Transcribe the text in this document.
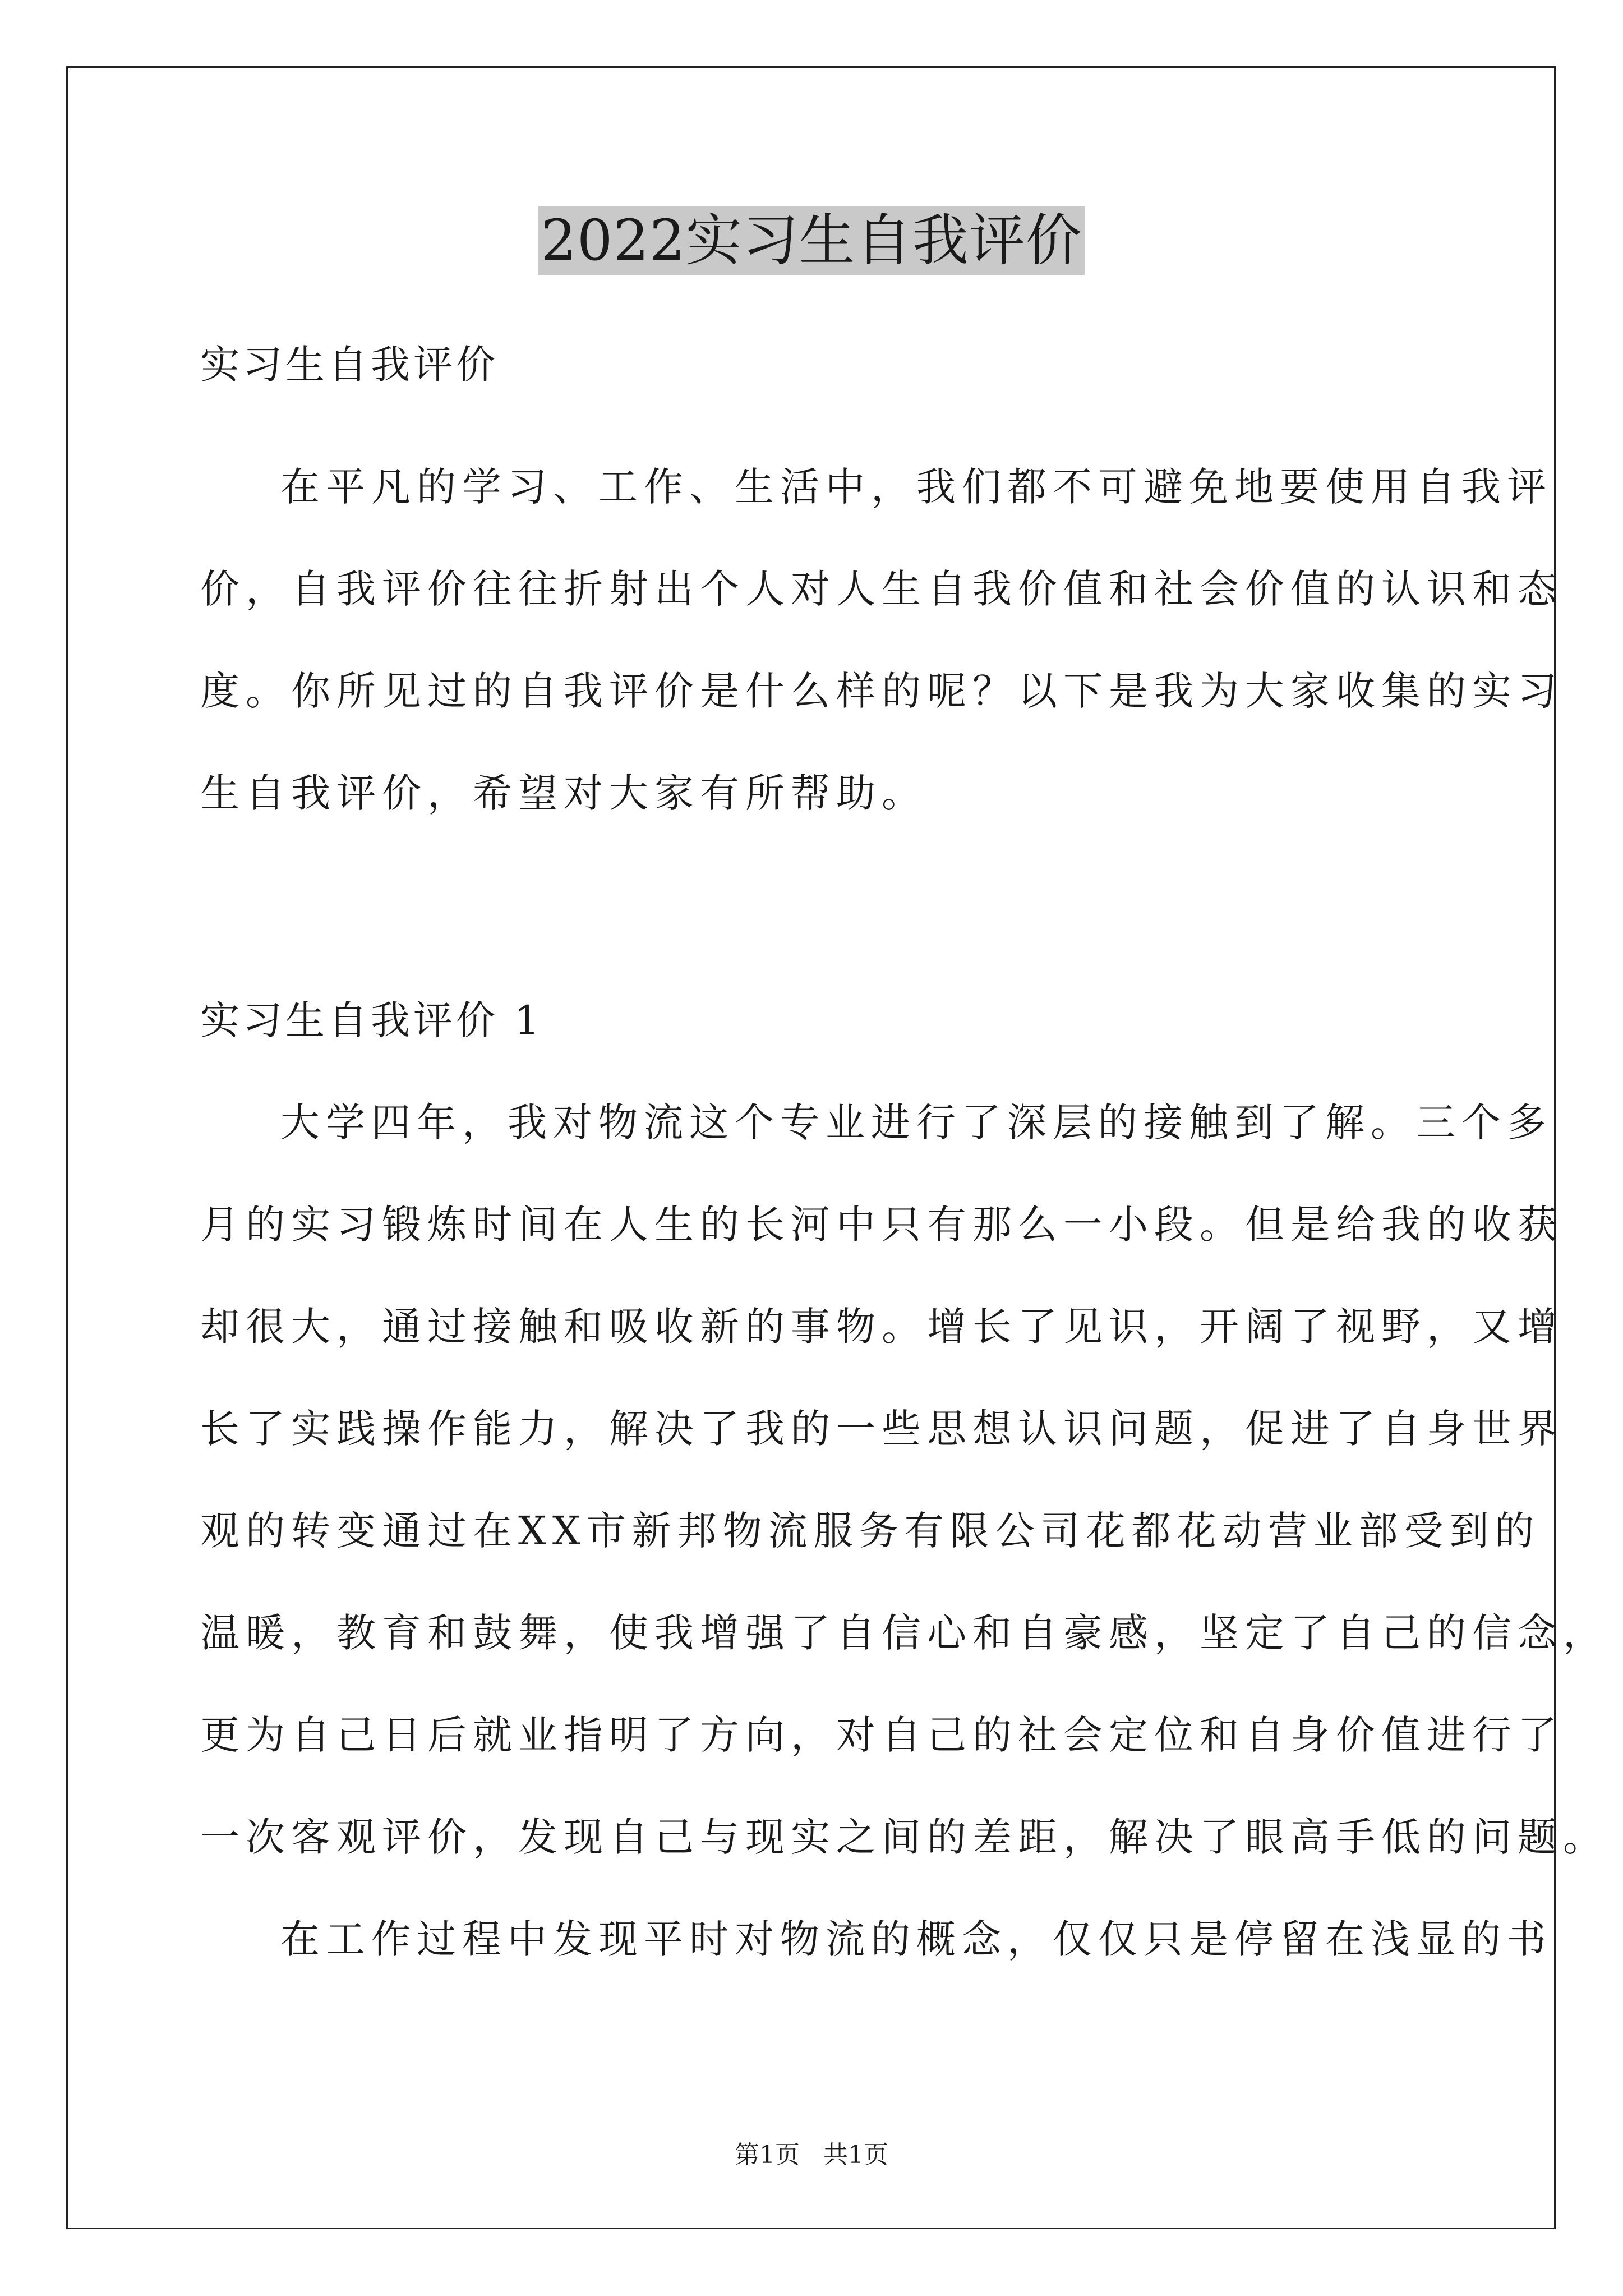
2022实习生自我评价
实习生自我评价
在平凡的学习、工作、生活中，我们都不可避免地要使用自我评
价，自我评价往往折射出个人对人生自我价值和社会价值的认识和态
度。你所见过的自我评价是什么样的呢？以下是我为大家收集的实习
生自我评价，希望对大家有所帮助。
实习生自我评价 1
大学四年，我对物流这个专业进行了深层的接触到了解。三个多
月的实习锻炼时间在人生的长河中只有那么一小段。但是给我的收获
却很大，通过接触和吸收新的事物。增长了见识，开阔了视野，又增
长了实践操作能力，解决了我的一些思想认识问题，促进了自身世界
观的转变通过在XX市新邦物流服务有限公司花都花动营业部受到的
温暖，教育和鼓舞，使我增强了自信心和自豪感，坚定了自己的信念，
更为自己日后就业指明了方向，对自己的社会定位和自身价值进行了
一次客观评价，发现自己与现实之间的差距，解决了眼高手低的问题。
在工作过程中发现平时对物流的概念，仅仅只是停留在浅显的书
第1页   共1页
